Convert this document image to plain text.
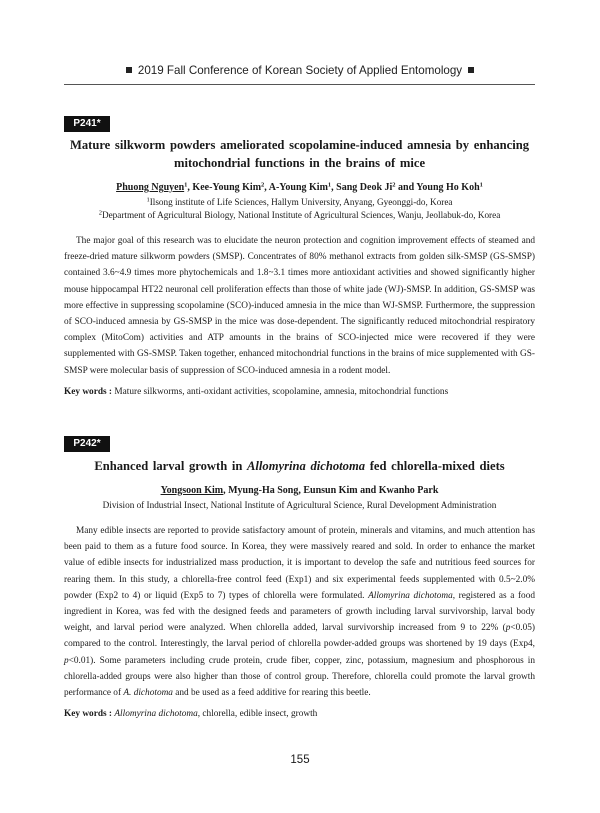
2019 Fall Conference of Korean Society of Applied Entomology
P241*
Mature silkworm powders ameliorated scopolamine-induced amnesia by enhancing
mitochondrial functions in the brains of mice
Phuong Nguyen$^1$, Kee-Young Kim$^2$, A-Young Kim$^1$, Sang Deok Ji$^2$ and Young Ho Koh$^1$
$^1$Ilsong institute of Life Sciences, Hallym University, Anyang, Gyeonggi-do, Korea
$^2$Department of Agricultural Biology, National Institute of Agricultural Sciences, Wanju, Jeollabuk-do, Korea

The major goal of this research was to elucidate the neuron protection and cognition improvement effects of steamed and freeze-dried mature silkworm powders (SMSP). Concentrates of 80% methanol extracts from golden silk-SMSP (GS-SMSP) contained 3.6~4.9 times more phytochemicals and 1.8~3.1 times more antioxidant activities and showed significantly higher mouse hippocampal HT22 neuronal cell proliferation effects than those of white jade (WJ)-SMSP. In addition, GS-SMSP was more effective in suppressing scopolamine (SCO)-induced amnesia in the mice than WJ-SMSP. Furthermore, the suppression of SCO-induced amnesia by GS-SMSP in the mice was dose-dependent. The significantly reduced mitochondrial respiratory complex (MitoCom) activities and ATP amounts in the brains of SCO-injected mice were recovered if they were supplemented with GS-SMSP. Taken together, enhanced mitochondrial functions in the brains of mice supplemented with GS-SMSP were molecular basis of suppression of SCO-induced amnesia in a rodent model.

Key words : Mature silkworms, anti-oxidant activities, scopolamine, amnesia, mitochondrial functions
P242*
Enhanced larval growth in Allomyrina dichotoma fed chlorella-mixed diets
Yongsoon Kim, Myung-Ha Song, Eunsun Kim and Kwanho Park
Division of Industrial Insect, National Institute of Agricultural Science, Rural Development Administration

Many edible insects are reported to provide satisfactory amount of protein, minerals and vitamins, and much attention has been paid to them as a future food source. In Korea, they were massively reared and sold. In order to enhance the market value of edible insects for industrialized mass production, it is important to develop the safe and nutritious feed sources for rearing them. In this study, a chlorella-free control feed (Exp1) and six experimental feeds supplemented with 0.5~2.0% powder (Exp2 to 4) or liquid (Exp5 to 7) types of chlorella were formulated. Allomyrina dichotoma, registered as a food ingredient in Korea, was fed with the designed feeds and parameters of growth including larval survivorship, larval body weight, and larval period were analyzed. When chlorella added, larval survivorship increased from 9 to 22% (p<0.05) compared to the control. Interestingly, the larval period of chlorella powder-added groups was shortened by 19 days (Exp4, p<0.01). Some parameters including crude protein, crude fiber, copper, zinc, potassium, magnesium and phosphorous in chlorella-added groups were also higher than those of control group. Therefore, chlorella could promote the larval growth performance of A. dichotoma and be used as a feed additive for rearing this beetle.

Key words : Allomyrina dichotoma, chlorella, edible insect, growth
155
